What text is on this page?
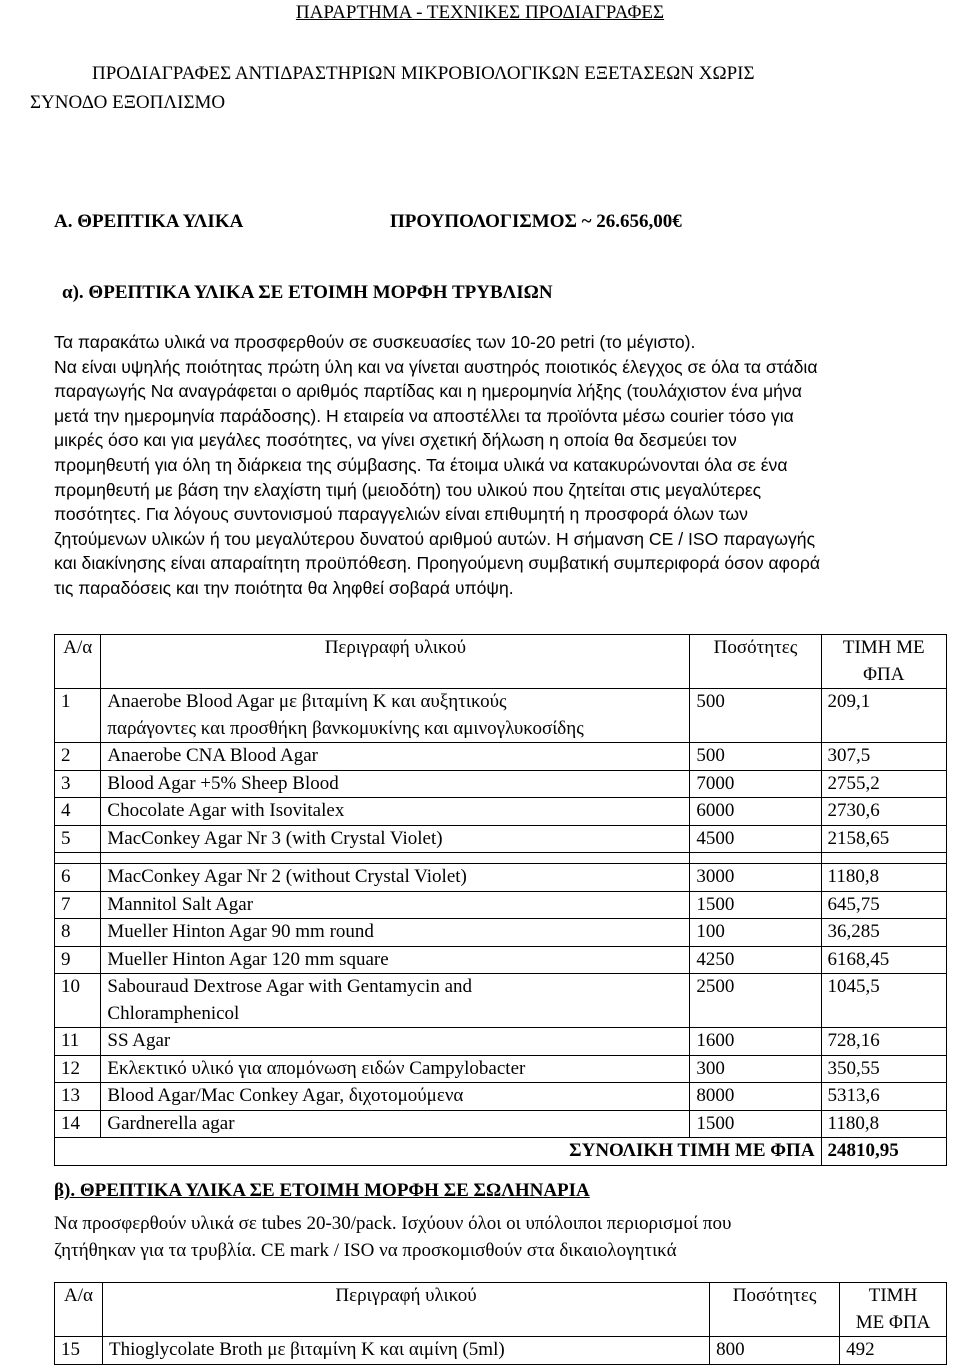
ΠΑΡΑΡΤΗΜΑ - ΤΕΧΝΙΚΕΣ ΠΡΟΔΙΑΓΡΑΦΕΣ
ΠΡΟΔΙΑΓΡΑΦΕΣ ΑΝΤΙΔΡΑΣΤΗΡΙΩΝ ΜΙΚΡΟΒΙΟΛΟΓΙΚΩΝ ΕΞΕΤΑΣΕΩΝ ΧΩΡΙΣ
ΣΥΝΟΔΟ ΕΞΟΠΛΙΣΜΟ
Α. ΘΡΕΠΤΙΚΑ ΥΛΙΚΑ	ΠΡΟΥΠΟΛΟΓΙΣΜΟΣ ~ 26.656,00€
α). ΘΡΕΠΤΙΚΑ ΥΛΙΚΑ ΣΕ ΕΤΟΙΜΗ ΜΟΡΦΗ ΤΡΥΒΛΙΩΝ
Τα παρακάτω υλικά να προσφερθούν σε συσκευασίες των 10-20 petri (το μέγιστο).
Να είναι υψηλής ποιότητας πρώτη ύλη και να γίνεται αυστηρός ποιοτικός έλεγχος σε όλα τα στάδια
παραγωγής Να αναγράφεται ο αριθμός παρτίδας και η ημερομηνία λήξης (τουλάχιστον ένα μήνα
μετά την ημερομηνία παράδοσης). Η εταιρεία να αποστέλλει τα προϊόντα μέσω courier τόσο για
μικρές όσο και για μεγάλες ποσότητες, να γίνει σχετική δήλωση η οποία θα δεσμεύει τον
προμηθευτή για όλη τη διάρκεια της σύμβασης. Τα έτοιμα υλικά να κατακυρώνονται όλα σε ένα
προμηθευτή με βάση την ελαχίστη τιμή (μειοδότη) του υλικού που ζητείται στις μεγαλύτερες
ποσότητες. Για λόγους συντονισμού παραγγελιών είναι επιθυμητή η προσφορά όλων των
ζητούμενων υλικών ή του μεγαλύτερου δυνατού αριθμού αυτών. Η σήμανση CE / ISO παραγωγής
και διακίνησης είναι απαραίτητη προϋπόθεση. Προηγούμενη συμβατική συμπεριφορά όσον αφορά
τις παραδόσεις και την ποιότητα θα ληφθεί σοβαρά υπόψη.
Α/α	Περιγραφή υλικού	Ποσότητες	ΤΙΜΗ ΜΕ
ΦΠΑ

1	Anaerobe Blood Agar με βιταμίνη Κ και αυξητικούς
παράγοντες και προσθήκη βανκομυκίνης και αμινογλυκοσίδης	500	209,1
2	Anaerobe CNA Blood Agar	500	307,5
3	Blood Agar +5% Sheep Blood	7000	2755,2
4	Chocolate Agar with Isovitalex	6000	2730,6
5	MacConkey Agar Nr 3 (with Crystal Violet)	4500	2158,65

6	MacConkey Agar Nr 2 (without Crystal Violet)	3000	1180,8
7	Mannitol Salt Agar	1500	645,75
8	Mueller Hinton Agar 90 mm round	100	36,285
9	Mueller Hinton Agar 120 mm square	4250	6168,45
10	Sabouraud Dextrose Agar with Gentamycin and
Chloramphenicol	2500	1045,5
11	SS Agar	1600	728,16
12	Εκλεκτικό υλικό για απομόνωση ειδών Campylobacter	300	350,55
13	Blood Agar/Mac Conkey Agar, διχοτομούμενα	8000	5313,6
14	Gardnerella agar	1500	1180,8
ΣΥΝΟΛΙΚΗ ΤΙΜΗ ΜΕ ΦΠΑ			24810,95
β). ΘΡΕΠΤΙΚΑ ΥΛΙΚΑ ΣΕ ΕΤΟΙΜΗ ΜΟΡΦΗ ΣΕ ΣΩΛΗΝΑΡΙΑ
Να προσφερθούν υλικά σε tubes 20-30/pack. Ισχύουν όλοι οι υπόλοιποι περιορισμοί που
ζητήθηκαν για τα τρυβλία. CE mark / ISO να προσκομισθούν στα δικαιολογητικά
Α/α	Περιγραφή υλικού	Ποσότητες	ΤΙΜΗ
ΜΕ ΦΠΑ

15	Thioglycolate Broth με βιταμίνη Κ και αιμίνη (5ml)	800	492
